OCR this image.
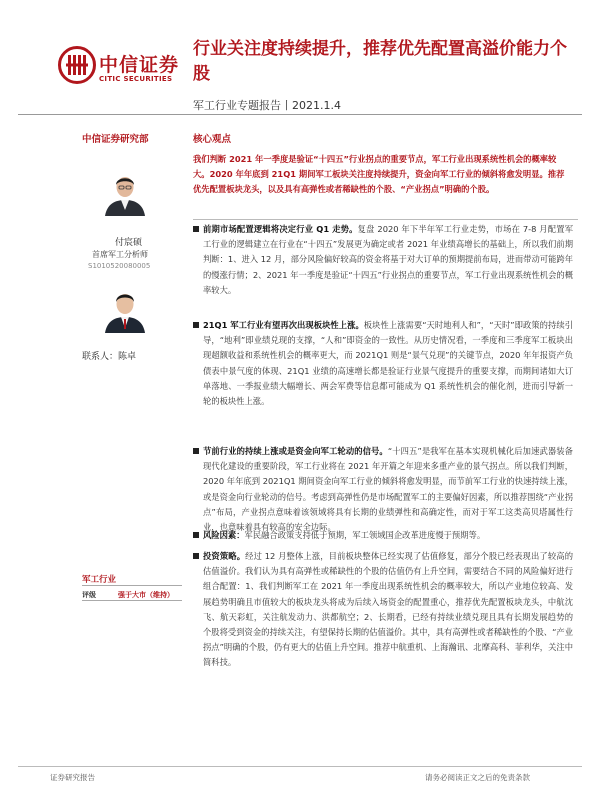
中信证券
CITIC SECURITIES
行业关注度持续提升，推荐优先配置高溢价能力个股
军工行业专题报告丨2021.1.4
中信证券研究部
付宸硕
首席军工分析师
S1010520080005
联系人：陈卓
军工行业
评级	强于大市（维持）
核心观点
我们判断 2021 年一季度是验证“十四五”行业拐点的重要节点，军工行业出现系统性机会的概率较大。2020 年年底到 21Q1 期间军工板块关注度持续提升，资金向军工行业的倾斜将愈发明显。推荐优先配置板块龙头，以及具有高弹性或者稀缺性的个股、“产业拐点”明确的个股。
前期市场配置逻辑将决定行业 Q1 走势。复盘 2020 年下半年军工行业走势，市场在 7-8 月配置军工行业的逻辑建立在行业在“十四五”发展更为确定或者 2021 年业绩高增长的基础上，所以我们前期判断：1、进入 12 月，部分风险偏好较高的资金将基于对大订单的预期提前布局，进而带动可能跨年的慢涨行情；2、2021 年一季度是验证“十四五”行业拐点的重要节点，军工行业出现系统性机会的概率较大。
21Q1 军工行业有望再次出现板块性上涨。板块性上涨需要“天时地利人和”，“天时”即政策的持续引导，“地利”即业绩兑现的支撑，“人和”即资金的一致性。从历史情况看，一季度和三季度军工板块出现超额收益和系统性机会的概率更大，而 2021Q1 则是“景气兑现”的关键节点，2020 年年报资产负债表中景气度的体现、21Q1 业绩的高速增长都是验证行业景气度提升的重要支撑，而期间诸如大订单落地、一季报业绩大幅增长、两会军费等信息都可能成为 Q1 系统性机会的催化剂，进而引导新一轮的板块性上涨。
节前行业的持续上涨或是资金向军工轮动的信号。“十四五”是我军在基本实现机械化后加速武器装备现代化建设的重要阶段，军工行业将在 2021 年开篇之年迎来多重产业的景气拐点。所以我们判断，2020 年年底到 2021Q1 期间资金向军工行业的倾斜将愈发明显，而节前军工行业的快速持续上涨，或是资金向行业轮动的信号。考虑到高弹性仍是市场配置军工的主要偏好因素，所以推荐围绕“产业拐点”布局，产业拐点意味着该领域将具有长期的业绩弹性和高确定性，而对于军工这类高贝塔属性行业，也意味着具有较高的安全边际。
风险因素：军民融合政策支持低于预期，军工领域国企改革进度慢于预期等。
投资策略。经过 12 月整体上涨，目前板块整体已经实现了估值修复，部分个股已经表现出了较高的估值溢价。我们认为具有高弹性或稀缺性的个股的估值仍有上升空间，需要结合不同的风险偏好进行组合配置：1、我们判断军工在 2021 年一季度出现系统性机会的概率较大，所以产业地位较高、发展趋势明确且市值较大的板块龙头将成为后续入场资金的配置重心，推荐优先配置板块龙头，中航沈飞、航天彩虹，关注航发动力、洪都航空；2、长期看，已经有持续业绩兑现且具有长期发展趋势的个股将受到资金的持续关注，有望保持长期的估值溢价。其中，具有高弹性或者稀缺性的个股、“产业拐点”明确的个股，仍有更大的估值上升空间。推荐中航重机、上海瀚讯、北摩高科、菲利华，关注中简科技。
证券研究报告	请务必阅读正文之后的免责条款
